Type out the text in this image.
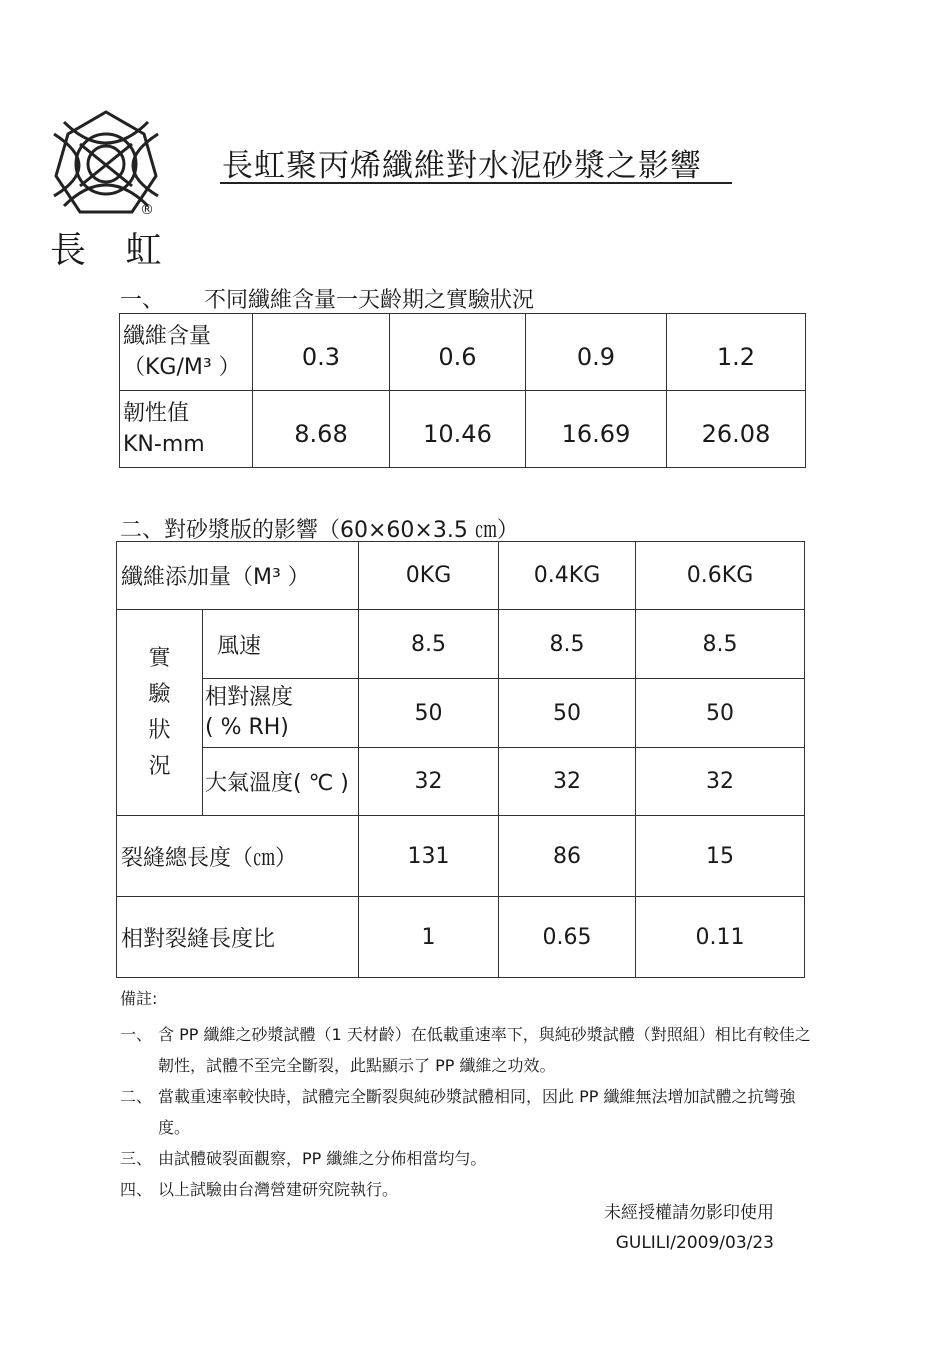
®
長 虹
長虹聚丙烯纖維對水泥砂漿之影響
一、 不同纖維含量一天齡期之實驗狀況
纖維含量
（KG/M³ ）	0.3	0.6	0.9	1.2

韌性值
KN-mm	8.68	10.46	16.69	26.08
二、對砂漿版的影響（60×60×3.5 ㎝）
纖維添加量（M³ ）		0KG	0.4KG	0.6KG

實
驗
狀
況	風速	8.5	8.5	8.5

	相對濕度
( % RH)	50	50	50
	大氣溫度( ℃ )	32	32	32
裂縫總長度（㎝）		131	86	15
相對裂縫長度比		1	0.65	0.11
備註:
一、 含 PP 纖維之砂漿試體（1 天材齡）在低載重速率下，與純砂漿試體（對照組）相比有較佳之韌性，試體不至完全斷裂，此點顯示了 PP 纖維之功效。
二、 當載重速率較快時，試體完全斷裂與純砂漿試體相同，因此 PP 纖維無法增加試體之抗彎強度。
三、 由試體破裂面觀察，PP 纖維之分佈相當均勻。
四、 以上試驗由台灣營建研究院執行。
未經授權請勿影印使用
GULILI/2009/03/23
